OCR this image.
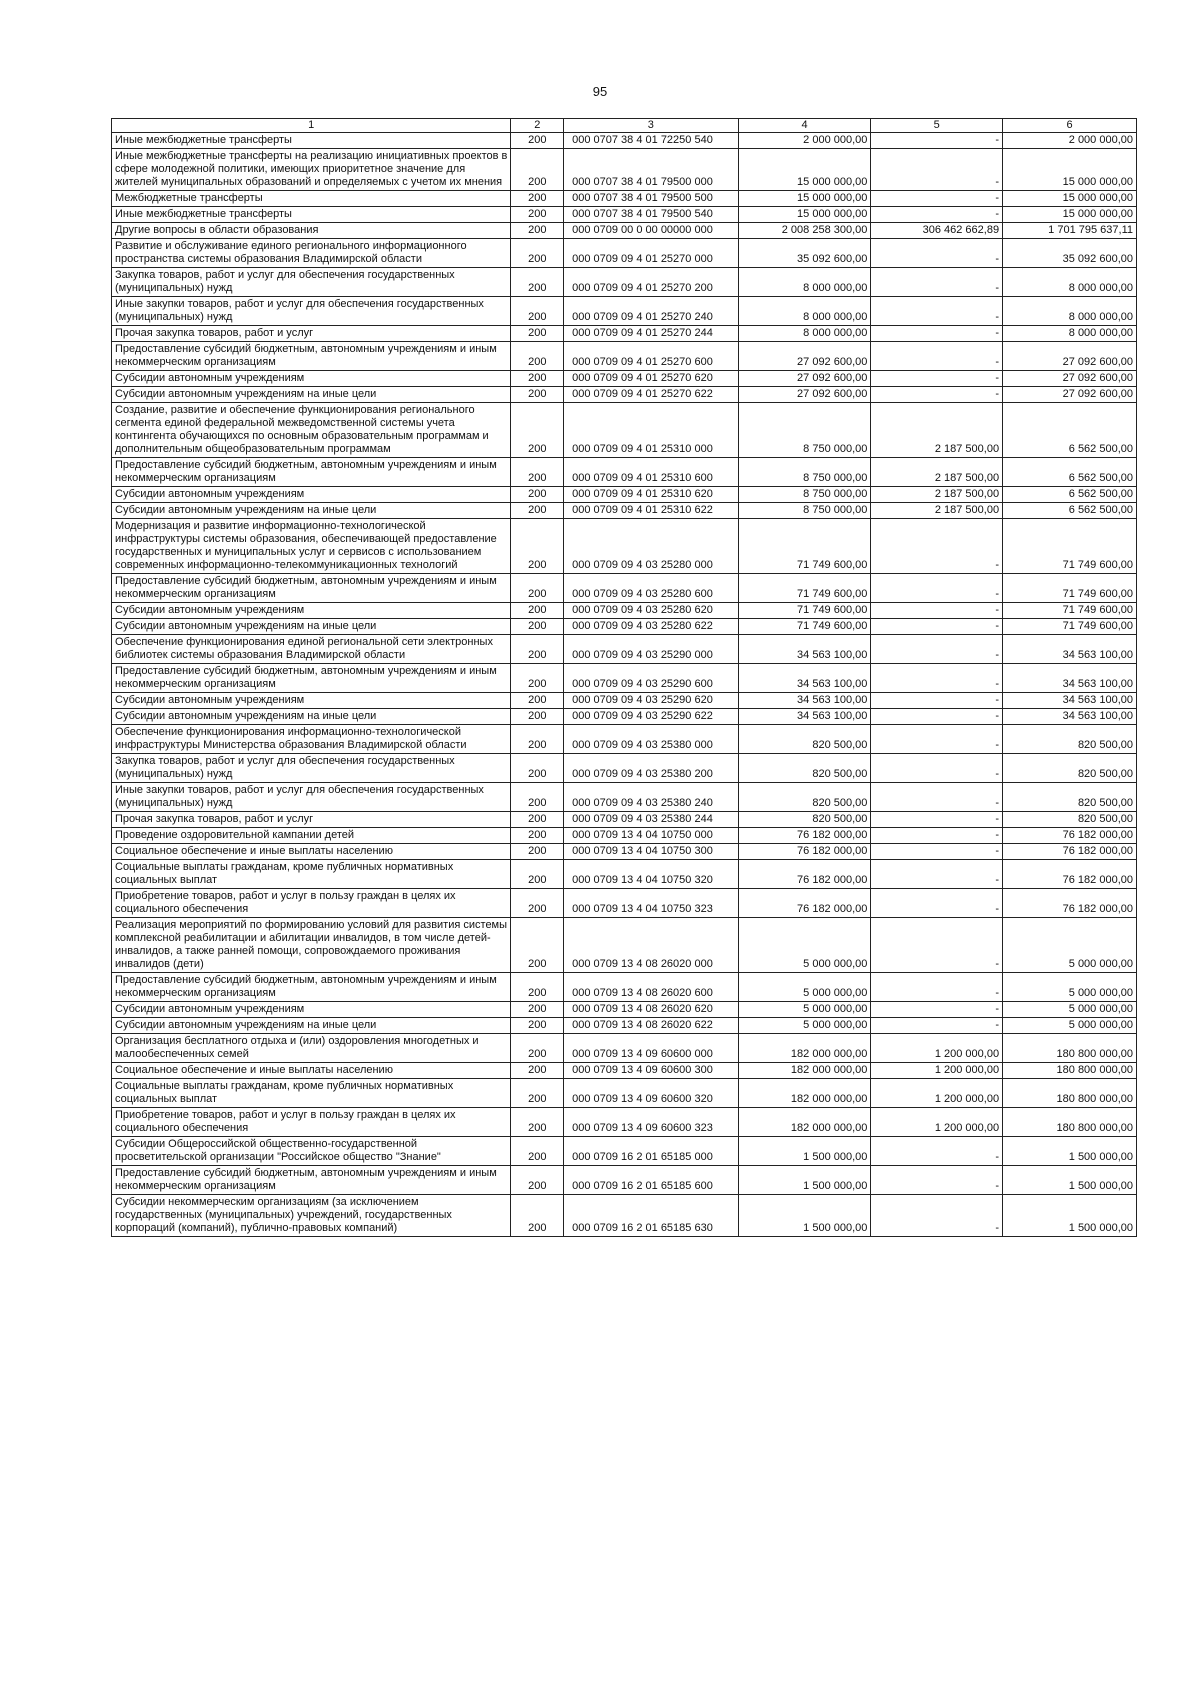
95
1	2	3	4	5	6
Иные межбюджетные трансферты	200	000 0707 38 4 01 72250 540	2 000 000,00	-	2 000 000,00
Иные межбюджетные трансферты на реализацию инициативных проектов в сфере молодежной политики, имеющих приоритетное значение для жителей муниципальных образований и определяемых с учетом их мнения	200	000 0707 38 4 01 79500 000	15 000 000,00	-	15 000 000,00
Межбюджетные трансферты	200	000 0707 38 4 01 79500 500	15 000 000,00	-	15 000 000,00
Иные межбюджетные трансферты	200	000 0707 38 4 01 79500 540	15 000 000,00	-	15 000 000,00
Другие вопросы в области образования	200	000 0709 00 0 00 00000 000	2 008 258 300,00	306 462 662,89	1 701 795 637,11
Развитие и обслуживание единого регионального информационного пространства системы образования Владимирской области	200	000 0709 09 4 01 25270 000	35 092 600,00	-	35 092 600,00
Закупка товаров, работ и услуг для обеспечения государственных (муниципальных) нужд	200	000 0709 09 4 01 25270 200	8 000 000,00	-	8 000 000,00
Иные закупки товаров, работ и услуг для обеспечения государственных (муниципальных) нужд	200	000 0709 09 4 01 25270 240	8 000 000,00	-	8 000 000,00
Прочая закупка товаров, работ и услуг	200	000 0709 09 4 01 25270 244	8 000 000,00	-	8 000 000,00
Предоставление субсидий бюджетным, автономным учреждениям и иным некоммерческим организациям	200	000 0709 09 4 01 25270 600	27 092 600,00	-	27 092 600,00
Субсидии автономным учреждениям	200	000 0709 09 4 01 25270 620	27 092 600,00	-	27 092 600,00
Субсидии автономным учреждениям на иные цели	200	000 0709 09 4 01 25270 622	27 092 600,00	-	27 092 600,00
Создание, развитие и обеспечение функционирования регионального сегмента единой федеральной межведомственной системы учета контингента обучающихся по основным образовательным программам и дополнительным общеобразовательным программам	200	000 0709 09 4 01 25310 000	8 750 000,00	2 187 500,00	6 562 500,00
Предоставление субсидий бюджетным, автономным учреждениям и иным некоммерческим организациям	200	000 0709 09 4 01 25310 600	8 750 000,00	2 187 500,00	6 562 500,00
Субсидии автономным учреждениям	200	000 0709 09 4 01 25310 620	8 750 000,00	2 187 500,00	6 562 500,00
Субсидии автономным учреждениям на иные цели	200	000 0709 09 4 01 25310 622	8 750 000,00	2 187 500,00	6 562 500,00
Модернизация и развитие информационно-технологической инфраструктуры системы образования, обеспечивающей предоставление государственных и муниципальных услуг и сервисов с использованием современных информационно-телекоммуникационных технологий	200	000 0709 09 4 03 25280 000	71 749 600,00	-	71 749 600,00
Предоставление субсидий бюджетным, автономным учреждениям и иным некоммерческим организациям	200	000 0709 09 4 03 25280 600	71 749 600,00	-	71 749 600,00
Субсидии автономным учреждениям	200	000 0709 09 4 03 25280 620	71 749 600,00	-	71 749 600,00
Субсидии автономным учреждениям на иные цели	200	000 0709 09 4 03 25280 622	71 749 600,00	-	71 749 600,00
Обеспечение функционирования единой региональной сети электронных библиотек системы образования Владимирской области	200	000 0709 09 4 03 25290 000	34 563 100,00	-	34 563 100,00
Предоставление субсидий бюджетным, автономным учреждениям и иным некоммерческим организациям	200	000 0709 09 4 03 25290 600	34 563 100,00	-	34 563 100,00
Субсидии автономным учреждениям	200	000 0709 09 4 03 25290 620	34 563 100,00	-	34 563 100,00
Субсидии автономным учреждениям на иные цели	200	000 0709 09 4 03 25290 622	34 563 100,00	-	34 563 100,00
Обеспечение функционирования информационно-технологической инфраструктуры Министерства образования Владимирской области	200	000 0709 09 4 03 25380 000	820 500,00	-	820 500,00
Закупка товаров, работ и услуг для обеспечения государственных (муниципальных) нужд	200	000 0709 09 4 03 25380 200	820 500,00	-	820 500,00
Иные закупки товаров, работ и услуг для обеспечения государственных (муниципальных) нужд	200	000 0709 09 4 03 25380 240	820 500,00	-	820 500,00
Прочая закупка товаров, работ и услуг	200	000 0709 09 4 03 25380 244	820 500,00	-	820 500,00
Проведение оздоровительной кампании детей	200	000 0709 13 4 04 10750 000	76 182 000,00	-	76 182 000,00
Социальное обеспечение и иные выплаты населению	200	000 0709 13 4 04 10750 300	76 182 000,00	-	76 182 000,00
Социальные выплаты гражданам, кроме публичных нормативных социальных выплат	200	000 0709 13 4 04 10750 320	76 182 000,00	-	76 182 000,00
Приобретение товаров, работ и услуг в пользу граждан в целях их социального обеспечения	200	000 0709 13 4 04 10750 323	76 182 000,00	-	76 182 000,00
Реализация мероприятий по формированию условий для развития системы комплексной реабилитации и абилитации инвалидов, в том числе детей-инвалидов, а также ранней помощи, сопровождаемого проживания инвалидов (дети)	200	000 0709 13 4 08 26020 000	5 000 000,00	-	5 000 000,00
Предоставление субсидий бюджетным, автономным учреждениям и иным некоммерческим организациям	200	000 0709 13 4 08 26020 600	5 000 000,00	-	5 000 000,00
Субсидии автономным учреждениям	200	000 0709 13 4 08 26020 620	5 000 000,00	-	5 000 000,00
Субсидии автономным учреждениям на иные цели	200	000 0709 13 4 08 26020 622	5 000 000,00	-	5 000 000,00
Организация бесплатного отдыха и (или) оздоровления многодетных и малообеспеченных семей	200	000 0709 13 4 09 60600 000	182 000 000,00	1 200 000,00	180 800 000,00
Социальное обеспечение и иные выплаты населению	200	000 0709 13 4 09 60600 300	182 000 000,00	1 200 000,00	180 800 000,00
Социальные выплаты гражданам, кроме публичных нормативных социальных выплат	200	000 0709 13 4 09 60600 320	182 000 000,00	1 200 000,00	180 800 000,00
Приобретение товаров, работ и услуг в пользу граждан в целях их социального обеспечения	200	000 0709 13 4 09 60600 323	182 000 000,00	1 200 000,00	180 800 000,00
Субсидии Общероссийской общественно-государственной просветительской организации "Российское общество "Знание"	200	000 0709 16 2 01 65185 000	1 500 000,00	-	1 500 000,00
Предоставление субсидий бюджетным, автономным учреждениям и иным некоммерческим организациям	200	000 0709 16 2 01 65185 600	1 500 000,00	-	1 500 000,00
Субсидии некоммерческим организациям (за исключением государственных (муниципальных) учреждений, государственных корпораций (компаний), публично-правовых компаний)	200	000 0709 16 2 01 65185 630	1 500 000,00	-	1 500 000,00
